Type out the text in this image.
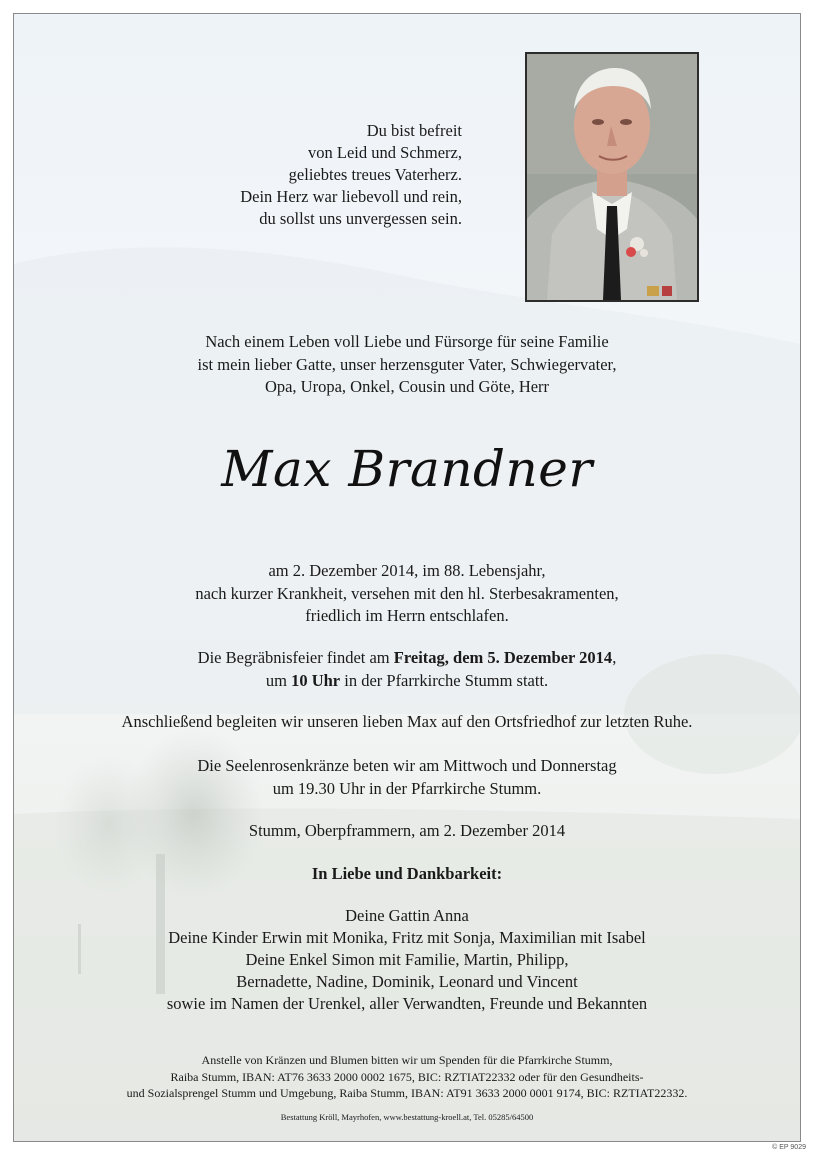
Du bist befreit
von Leid und Schmerz,
geliebtes treues Vaterherz.
Dein Herz war liebevoll und rein,
du sollst uns unvergessen sein.
Nach einem Leben voll Liebe und Fürsorge für seine Familie
ist mein lieber Gatte, unser herzensguter Vater, Schwiegervater,
Opa, Uropa, Onkel, Cousin und Göte, Herr
Max Brandner
am 2. Dezember 2014, im 88. Lebensjahr,
nach kurzer Krankheit, versehen mit den hl. Sterbesakramenten,
friedlich im Herrn entschlafen.
Die Begräbnisfeier findet am Freitag, dem 5. Dezember 2014,
um 10 Uhr in der Pfarrkirche Stumm statt.
Anschließend begleiten wir unseren lieben Max auf den Ortsfriedhof zur letzten Ruhe.
Die Seelenrosenkränze beten wir am Mittwoch und Donnerstag
um 19.30 Uhr in der Pfarrkirche Stumm.
Stumm, Oberpframmern, am 2. Dezember 2014
In Liebe und Dankbarkeit:
Deine Gattin Anna
Deine Kinder Erwin mit Monika, Fritz mit Sonja, Maximilian mit Isabel
Deine Enkel Simon mit Familie, Martin, Philipp,
Bernadette, Nadine, Dominik, Leonard und Vincent
sowie im Namen der Urenkel, aller Verwandten, Freunde und Bekannten
Anstelle von Kränzen und Blumen bitten wir um Spenden für die Pfarrkirche Stumm,
Raiba Stumm, IBAN: AT76 3633 2000 0002 1675, BIC: RZTIAT22332 oder für den Gesundheits-
und Sozialsprengel Stumm und Umgebung, Raiba Stumm, IBAN: AT91 3633 2000 0001 9174, BIC: RZTIAT22332.
Bestattung Kröll, Mayrhofen, www.bestattung-kroell.at, Tel. 05285/64500
© EP 9029
